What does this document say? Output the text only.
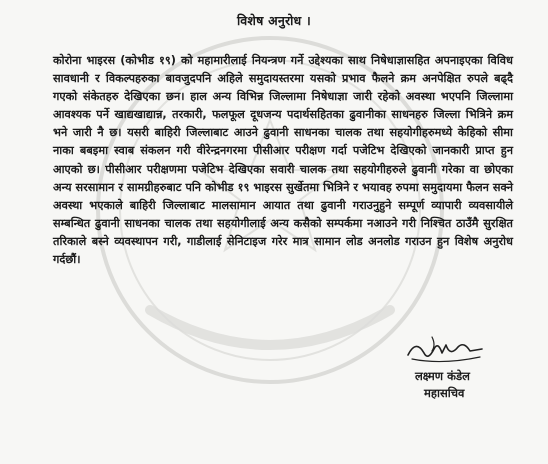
विशेष अनुरोध ।
कोरोना भाइरस (कोभीड १९) को महामारीलाई नियन्त्रण गर्ने उद्देश्यका साथ निषेधाज्ञासहित अपनाइएका विविध सावधानी र विकल्पहरुका बावजुदपनि अहिले समुदायस्तरमा यसको प्रभाव फैलने क्रम अनपेक्षित रुपले बढ्दै गएको संकेतहरु देखिएका छन। हाल अन्य विभिन्न जिल्लामा निषेधाज्ञा जारी रहेको अवस्था भएपनि जिल्लामा आवश्यक पर्ने खाद्यखाद्यान्न, तरकारी, फलफूल दूधजन्य पदार्थसहितका ढुवानीका साधनहरु जिल्ला भित्रिने क्रम भने जारी नै छ। यसरी बाहिरी जिल्लाबाट आउने ढुवानी साधनका चालक तथा सहयोगीहरुमध्ये केहिको सीमा नाका बबइमा स्वाब संकलन गरी वीरेन्द्रनगरमा पीसीआर परीक्षण गर्दा पजेटिभ देखिएको जानकारी प्राप्त हुन आएको छ। पीसीआर परीक्षणमा पजेटिभ देखिएका सवारी चालक तथा सहयोगीहरुले ढुवानी गरेका वा छोएका अन्य सरसामान र सामग्रीहरुबाट पनि कोभीड १९ भाइरस सुर्खेतमा भित्रिने र भयावह रुपमा समुदायमा फैलन सक्ने अवस्था भएकाले बाहिरी जिल्लाबाट मालसामान आयात तथा ढुवानी गराउनुहुने सम्पूर्ण व्यापारी व्यवसायीले सम्बन्धित ढुवानी साधनका चालक तथा सहयोगीलाई अन्य कसैको सम्पर्कमा नआउने गरी निश्चित ठाउँमै सुरक्षित तरिकाले बस्ने व्यवस्थापन गरी, गाडीलाई सेनिटाइज गरेर मात्र सामान लोड अनलोड गराउन हुन विशेष अनुरोध गर्दछौं।
लक्ष्मण कंडेल
महासचिव
